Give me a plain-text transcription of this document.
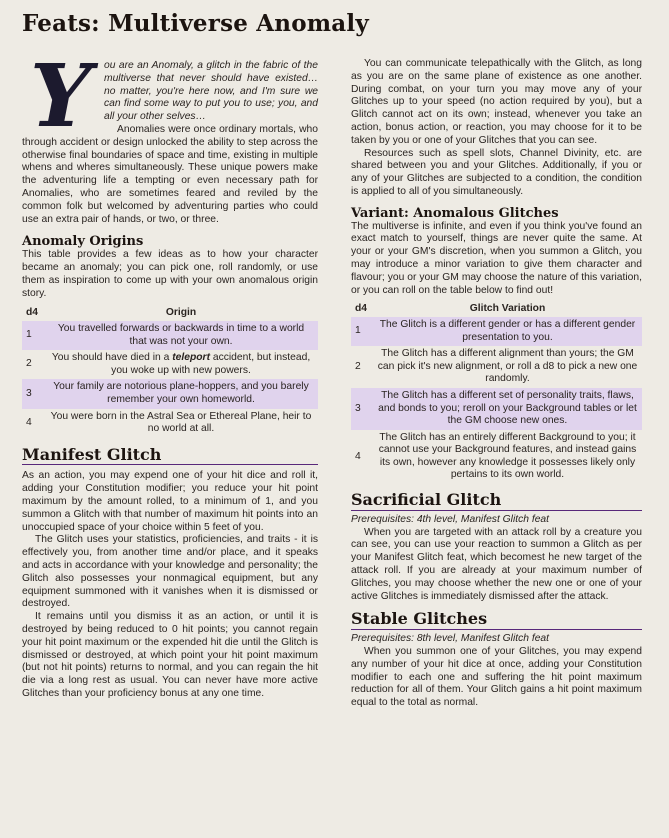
Feats: Multiverse Anomaly
Y	ou are an Anomaly, a glitch in the fabric of the multiverse that never should have existed… no matter, you're here now, and I'm sure we can find some way to put you to use; you, and all your other selves…

Anomalies were once ordinary mortals, who through accident or design unlocked the ability to step across the otherwise final boundaries of space and time, existing in multiple whens and wheres simultaneously. These unique powers make the adventuring life a tempting or even necessary path for Anomalies, who are sometimes feared and reviled by the common folk but welcomed by adventuring parties who could use an extra pair of hands, or two, or three.

Anomaly Origins

This table provides a few ideas as to how your character became an anomaly; you can pick one, roll randomly, or use them as inspiration to come up with your own anomalous origin story.

d4	Origin
1	You travelled forwards or backwards in time to a world that was not your own.
2	You should have died in a teleport accident, but instead, you woke up with new powers.
3	Your family are notorious plane-hoppers, and you barely remember your own homeworld.
4	You were born in the Astral Sea or Ethereal Plane, heir to no world at all.
Manifest Glitch

As an action, you may expend one of your hit dice and roll it, adding your Constitution modifier; you reduce your hit point maximum by the amount rolled, to a minimum of 1, and you summon a Glitch with that number of maximum hit points into an unoccupied space of your choice within 5 feet of you.

The Glitch uses your statistics, proficiencies, and traits - it is effectively you, from another time and/or place, and it speaks and acts in accordance with your knowledge and personality; the Glitch also possesses your nonmagical equipment, but any equipment summoned with it vanishes when it is dismissed or destroyed.

It remains until you dismiss it as an action, or until it is destroyed by being reduced to 0 hit points; you cannot regain your hit point maximum or the expended hit die until the Glitch is dismissed or destroyed, at which point your hit point maximum (but not hit points) returns to normal, and you can regain the hit die via a long rest as usual. You can never have more active Glitches than your proficiency bonus at any one time.

You can communicate telepathically with the Glitch, as long as you are on the same plane of existence as one another. During combat, on your turn you may move any of your Glitches up to your speed (no action required by you), but a Glitch cannot act on its own; instead, whenever you take an action, bonus action, or reaction, you may choose for it to be taken by you or one of your Glitches that you can see.

Resources such as spell slots, Channel Divinity, etc. are shared between you and your Glitches. Additionally, if you or any of your Glitches are subjected to a condition, the condition is applied to all of you simultaneously.

Variant: Anomalous Glitches

The multiverse is infinite, and even if you think you've found an exact match to yourself, things are never quite the same. At your or your GM's discretion, when you summon a Glitch, you may introduce a minor variation to give them character and flavour; you or your GM may choose the nature of this variation, or you can roll on the table below to find out!

d4	Glitch Variation
1	The Glitch is a different gender or has a different gender presentation to you.
2	The Glitch has a different alignment than yours; the GM can pick it's new alignment, or roll a d8 to pick a new one randomly.
3	The Glitch has a different set of personality traits, flaws, and bonds to you; reroll on your Background tables or let the GM choose new ones.
4	The Glitch has an entirely different Background to you; it cannot use your Background features, and instead gains its own, however any knowledge it possesses likely only pertains to its own world.
Sacrificial Glitch

Prerequisites: 4th level, Manifest Glitch feat

When you are targeted with an attack roll by a creature you can see, you can use your reaction to summon a Glitch as per your Manifest Glitch feat, which becomest he new target of the attack roll. If you are already at your maximum number of Glitches, you may choose whether the new one or one of your active Glitches is immediately dismissed after the attack.

Stable Glitches

Prerequisites: 8th level, Manifest Glitch feat

When you summon one of your Glitches, you may expend any number of your hit dice at once, adding your Constitution modifier to each one and suffering the hit point maximum reduction for all of them. Your Glitch gains a hit point maximum equal to the total as normal.
